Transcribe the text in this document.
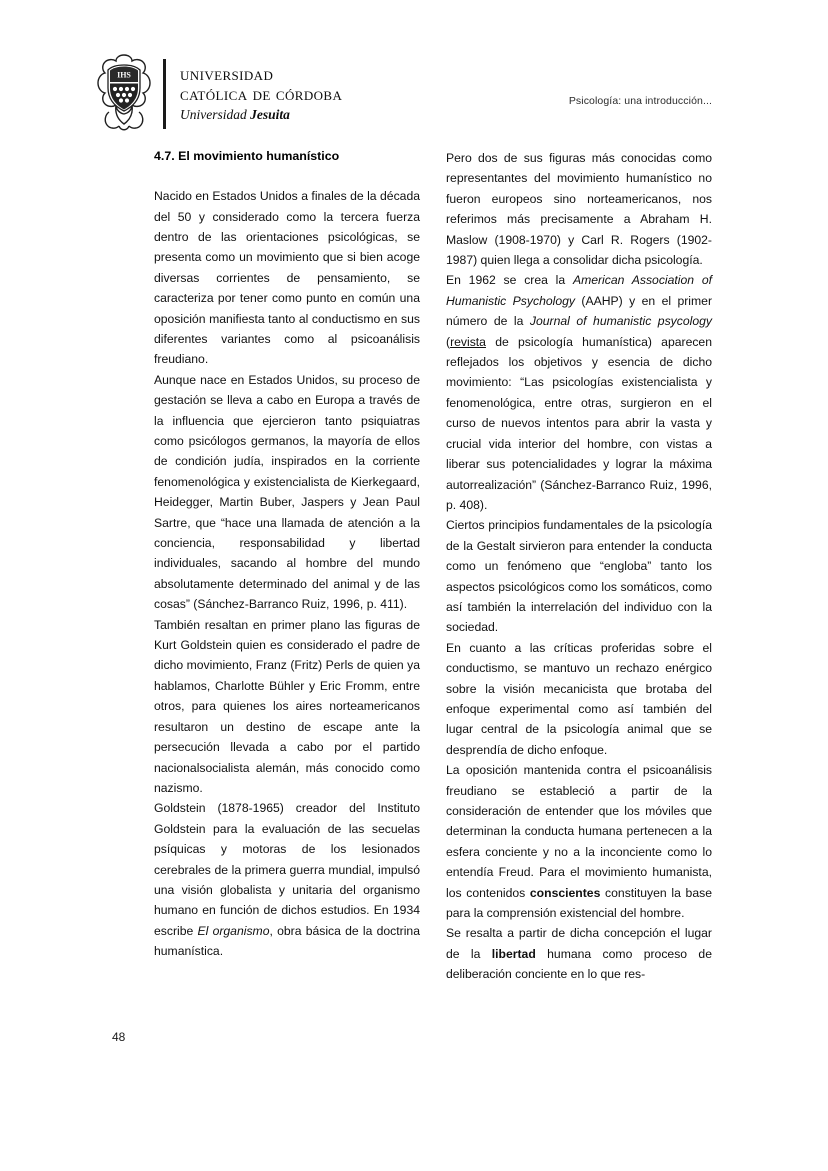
IHS	universidad
católica de córdoba
Universidad Jesuita
Psicología: una introducción...
4.7. El movimiento humanístico

Nacido en Estados Unidos a finales de la década del 50 y considerado como la tercera fuerza dentro de las orientaciones psicológicas, se presenta como un movimiento que si bien acoge diversas corrientes de pensamiento, se caracteriza por tener como punto en común una oposición manifiesta tanto al conductismo en sus diferentes variantes como al psicoanálisis freudiano.

Aunque nace en Estados Unidos, su proceso de gestación se lleva a cabo en Europa a través de la influencia que ejercieron tanto psiquiatras como psicólogos germanos, la mayoría de ellos de condición judía, inspirados en la corriente fenomenológica y existencialista de Kierkegaard, Heidegger, Martin Buber, Jaspers y Jean Paul Sartre, que “hace una llamada de atención a la conciencia, responsabilidad y libertad individuales, sacando al hombre del mundo absolutamente determinado del animal y de las cosas” (Sánchez-Barranco Ruiz, 1996, p. 411).

También resaltan en primer plano las figuras de Kurt Goldstein quien es considerado el padre de dicho movimiento, Franz (Fritz) Perls de quien ya hablamos, Charlotte Bühler y Eric Fromm, entre otros, para quienes los aires norteamericanos resultaron un destino de escape ante la persecución llevada a cabo por el partido nacionalsocialista alemán, más conocido como nazismo.

Goldstein (1878-1965) creador del Instituto Goldstein para la evaluación de las secuelas psíquicas y motoras de los lesionados cerebrales de la primera guerra mundial, impulsó una visión globalista y unitaria del organismo humano en función de dichos estudios. En 1934 escribe El organismo, obra básica de la doctrina humanística.

Pero dos de sus figuras más conocidas como representantes del movimiento humanístico no fueron europeos sino norteamericanos, nos referimos más precisamente a Abraham H. Maslow (1908-1970) y Carl R. Rogers (1902-1987) quien llega a consolidar dicha psicología.

En 1962 se crea la American Association of Humanistic Psychology (AAHP) y en el primer número de la Journal of humanistic psycology (revista de psicología humanística) aparecen reflejados los objetivos y esencia de dicho movimiento: “Las psicologías existencialista y fenomenológica, entre otras, surgieron en el curso de nuevos intentos para abrir la vasta y crucial vida interior del hombre, con vistas a liberar sus potencialidades y lograr la máxima autorrealización” (Sánchez-Barranco Ruiz, 1996, p. 408).

Ciertos principios fundamentales de la psicología de la Gestalt sirvieron para entender la conducta como un fenómeno que “engloba” tanto los aspectos psicológicos como los somáticos, como así también la interrelación del individuo con la sociedad.

En cuanto a las críticas proferidas sobre el conductismo, se mantuvo un rechazo enérgico sobre la visión mecanicista que brotaba del enfoque experimental como así también del lugar central de la psicología animal que se desprendía de dicho enfoque.

La oposición mantenida contra el psicoanálisis freudiano se estableció a partir de la consideración de entender que los móviles que determinan la conducta humana pertenecen a la esfera conciente y no a la inconciente como lo entendía Freud. Para el movimiento humanista, los contenidos conscientes constituyen la base para la comprensión existencial del hombre.

Se resalta a partir de dicha concepción el lugar de la libertad humana como proceso de deliberación conciente en lo que res-

48
